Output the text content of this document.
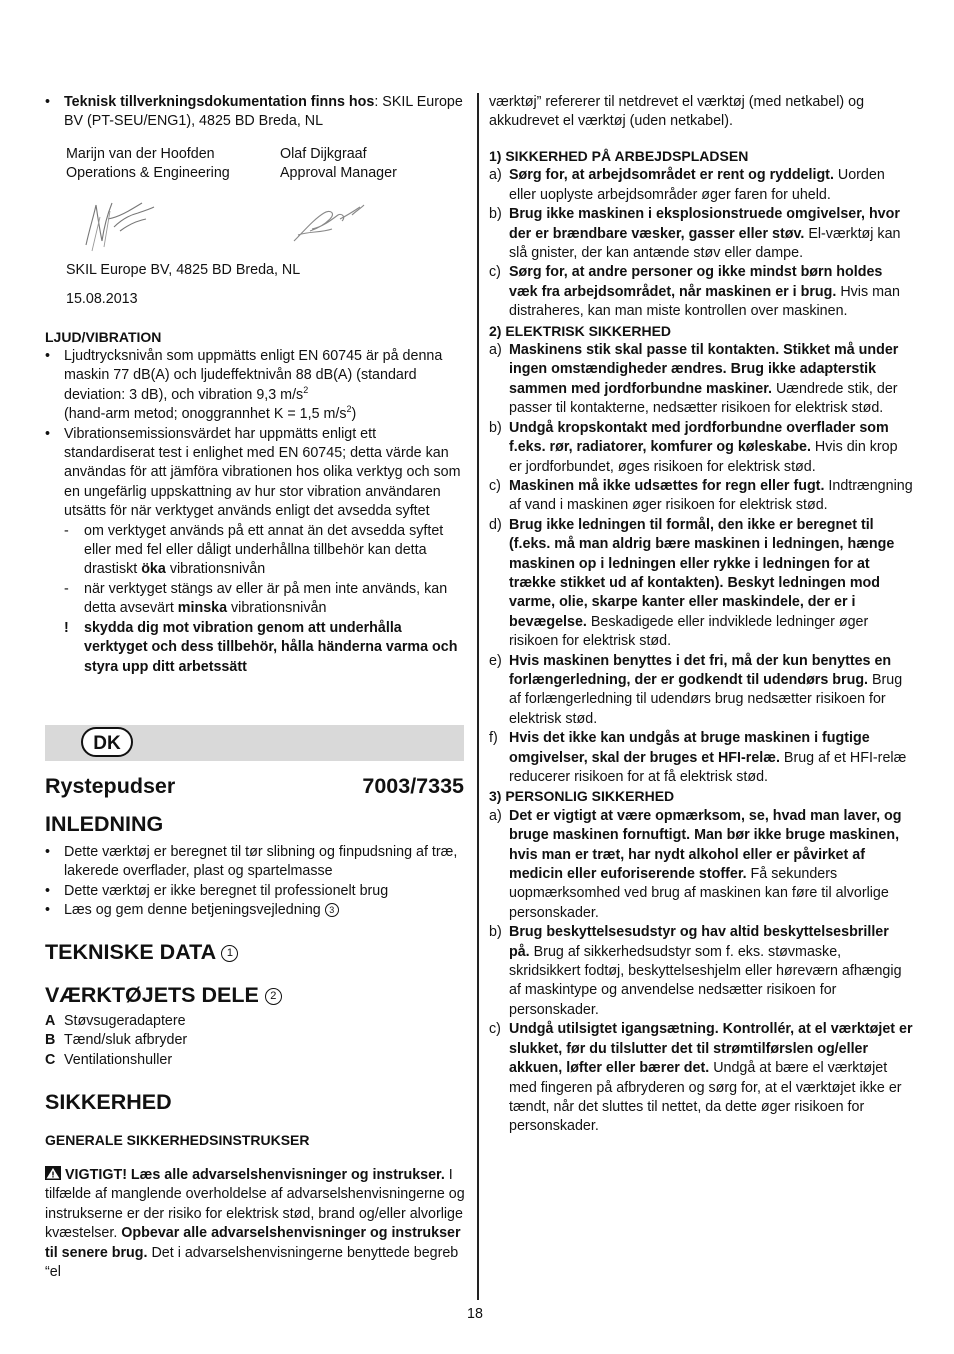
• Teknisk tillverkningsdokumentation finns hos: SKIL Europe BV (PT-SEU/ENG1), 4825 BD Breda, NL
Marijn van der Hoofden
Operations & Engineering
Olaf Dijkgraaf
Approval Manager
SKIL Europe BV, 4825 BD Breda, NL
15.08.2013
LJUD/VIBRATION
• Ljudtrycksnivån som uppmätts enligt EN 60745 är på denna maskin 77 dB(A) och ljudeffektnivån 88 dB(A) (standard deviation: 3 dB), och vibration 9,3 $m/s^2$
(hand-arm metod; onoggrannhet K = 1,5 $m/s^2$)
• Vibrationsemissionsvärdet har uppmätts enligt ett standardiserat test i enlighet med EN 60745; detta värde kan användas för att jämföra vibrationen hos olika verktyg och som en ungefärlig uppskattning av hur stor vibration användaren utsätts för när verktyget används enligt det avsedda syftet
- om verktyget används på ett annat än det avsedda syftet eller med fel eller dåligt underhållna tillbehör kan detta drastiskt öka vibrationsnivån
- när verktyget stängs av eller är på men inte används, kan detta avsevärt minska vibrationsnivån
! skydda dig mot vibration genom att underhålla verktyget och dess tillbehör, hålla händerna varma och styra upp ditt arbetssätt
DK
Rystepudser	7003/7335
INLEDNING
• Dette værktøj er beregnet til tør slibning og finpudsning af træ, lakerede overflader, plast og spartelmasse
• Dette værktøj er ikke beregnet til professionelt brug
• Læs og gem denne betjeningsvejledning 3
TEKNISKE DATA 1
VÆRKTØJETS DELE 2
A Støvsugeradaptere
B Tænd/sluk afbryder
C Ventilationshuller
SIKKERHED
GENERALE SIKKERHEDSINSTRUKSER
VIGTIGT! Læs alle advarselshenvisninger og instrukser. I tilfælde af manglende overholdelse af advarselshenvisningerne og instrukserne er der risiko for elektrisk stød, brand og/eller alvorlige kvæstelser. Opbevar alle advarselshenvisninger og instrukser til senere brug. Det i advarselshenvisningerne benyttede begreb “el
værktøj” refererer til netdrevet el værktøj (med netkabel) og akkudrevet el værktøj (uden netkabel).
1) SIKKERHED PÅ ARBEJDSPLADSEN
a) Sørg for, at arbejdsområdet er rent og ryddeligt. Uorden eller uoplyste arbejdsområder øger faren for uheld.
b) Brug ikke maskinen i eksplosionstruede omgivelser, hvor der er brændbare væsker, gasser eller støv. El-værktøj kan slå gnister, der kan antænde støv eller dampe.
c) Sørg for, at andre personer og ikke mindst børn holdes væk fra arbejdsområdet, når maskinen er i brug. Hvis man distraheres, kan man miste kontrollen over maskinen.
2) ELEKTRISK SIKKERHED
a) Maskinens stik skal passe til kontakten. Stikket må under ingen omstændigheder ændres. Brug ikke adapterstik sammen med jordforbundne maskiner. Uændrede stik, der passer til kontakterne, nedsætter risikoen for elektrisk stød.
b) Undgå kropskontakt med jordforbundne overflader som f.eks. rør, radiatorer, komfurer og køleskabe. Hvis din krop er jordforbundet, øges risikoen for elektrisk stød.
c) Maskinen må ikke udsættes for regn eller fugt. Indtrængning af vand i maskinen øger risikoen for elektrisk stød.
d) Brug ikke ledningen til formål, den ikke er beregnet til (f.eks. må man aldrig bære maskinen i ledningen, hænge maskinen op i ledningen eller rykke i ledningen for at trække stikket ud af kontakten). Beskyt ledningen mod varme, olie, skarpe kanter eller maskindele, der er i bevægelse. Beskadigede eller indviklede ledninger øger risikoen for elektrisk stød.
e) Hvis maskinen benyttes i det fri, må der kun benyttes en forlængerledning, der er godkendt til udendørs brug. Brug af forlængerledning til udendørs brug nedsætter risikoen for elektrisk stød.
f) Hvis det ikke kan undgås at bruge maskinen i fugtige omgivelser, skal der bruges et HFI-relæ. Brug af et HFI-relæ reducerer risikoen for at få elektrisk stød.
3) PERSONLIG SIKKERHED
a) Det er vigtigt at være opmærksom, se, hvad man laver, og bruge maskinen fornuftigt. Man bør ikke bruge maskinen, hvis man er træt, har nydt alkohol eller er påvirket af medicin eller euforiserende stoffer. Få sekunders uopmærksomhed ved brug af maskinen kan føre til alvorlige personskader.
b) Brug beskyttelsesudstyr og hav altid beskyttelsesbriller på. Brug af sikkerhedsudstyr som f. eks. støvmaske, skridsikkert fodtøj, beskyttelseshjelm eller høreværn afhængig af maskintype og anvendelse nedsætter risikoen for personskader.
c) Undgå utilsigtet igangsætning. Kontrollér, at el værktøjet er slukket, før du tilslutter det til strømtilførslen og/eller akkuen, løfter eller bærer det. Undgå at bære el værktøjet med fingeren på afbryderen og sørg for, at el værktøjet ikke er tændt, når det sluttes til nettet, da dette øger risikoen for personskader.
18
